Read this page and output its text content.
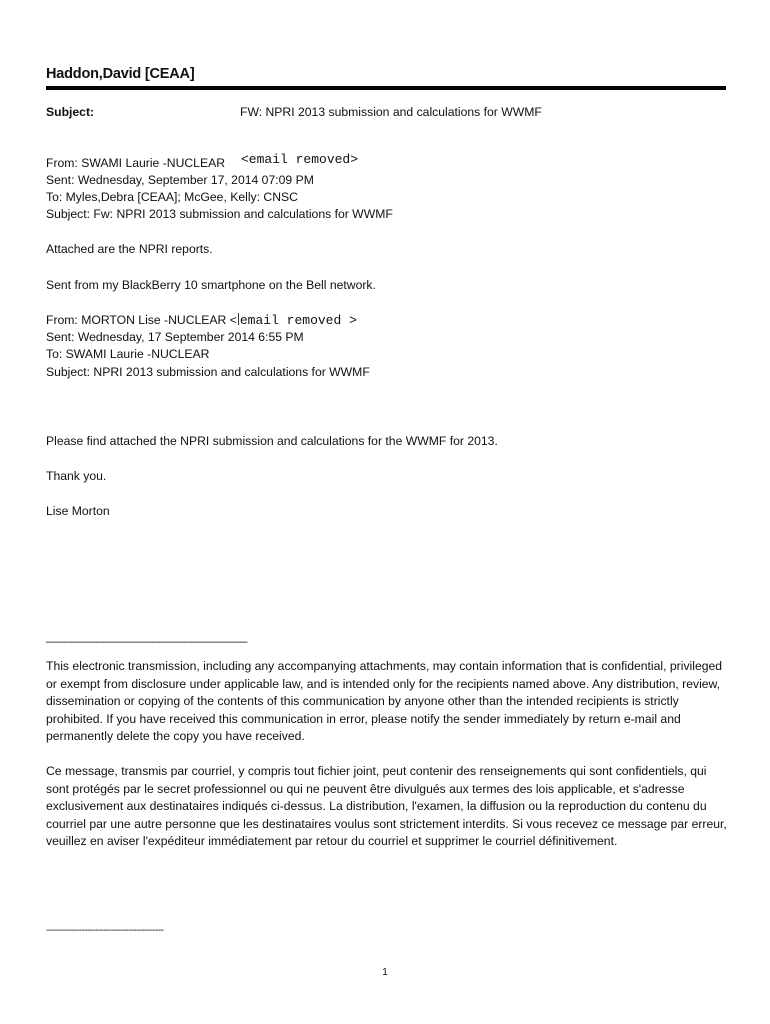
Haddon,David [CEAA]
Subject:	FW: NPRI 2013 submission and calculations for WWMF
From: SWAMI Laurie -NUCLEAR <email removed>
Sent: Wednesday, September 17, 2014 07:09 PM
To: Myles,Debra [CEAA]; McGee, Kelly: CNSC
Subject: Fw: NPRI 2013 submission and calculations for WWMF
Attached are the NPRI reports.
Sent from my BlackBerry 10 smartphone on the Bell network.
From: MORTON Lise -NUCLEAR < email removed >
Sent: Wednesday, 17 September 2014 6:55 PM
To: SWAMI Laurie -NUCLEAR
Subject: NPRI 2013 submission and calculations for WWMF
Please find attached the NPRI submission and calculations for the WWMF for 2013.
Thank you.
Lise Morton
________________________________

This electronic transmission, including any accompanying attachments, may contain information that is confidential, privileged or exempt from disclosure under applicable law, and is intended only for the recipients named above. Any distribution, review, dissemination or copying of the contents of this communication by anyone other than the intended recipients is strictly prohibited. If you have received this communication in error, please notify the sender immediately by return e-mail and permanently delete the copy you have received.

Ce message, transmis par courriel, y compris tout fichier joint, peut contenir des renseignements qui sont confidentiels, qui sont protégés par le secret professionnel ou qui ne peuvent être divulgués aux termes des lois applicable, et s'adresse exclusivement aux destinataires indiqués ci-dessus. La distribution, l'examen, la diffusion ou la reproduction du contenu du courriel par une autre personne que les destinataires voulus sont strictement interdits. Si vous recevez ce message par erreur, veuillez en aviser l'expéditeur immédiatement par retour du courriel et supprimer le courriel définitivement.

-------------------------------------------
1
